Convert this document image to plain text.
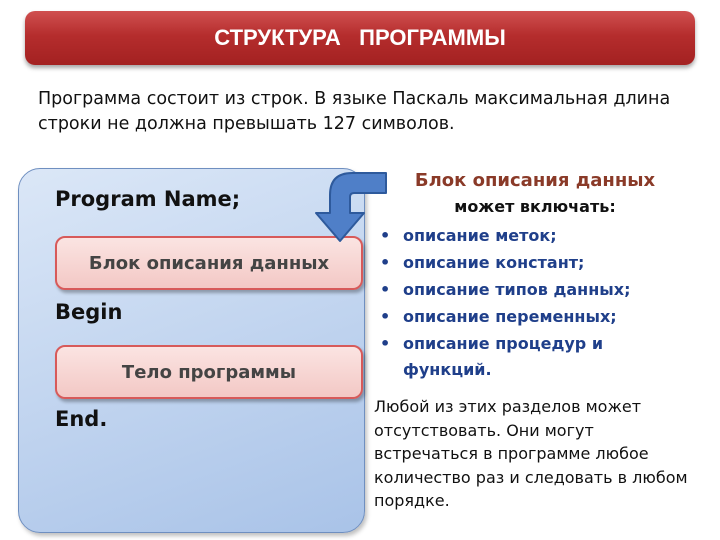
СТРУКТУРА   ПРОГРАММЫ
Программа состоит из строк. В языке Паскаль максимальная длина строки не должна превышать 127 символов.
Program Name;
Блок описания данных
Begin
Тело программы
End.
Блок описания данных
может включать:
• описание меток;
• описание констант;
• описание типов данных;
• описание переменных;
• описание процедур и функций.
Любой из этих разделов может отсутствовать. Они могут встречаться в программе любое количество раз и следовать в любом порядке.
